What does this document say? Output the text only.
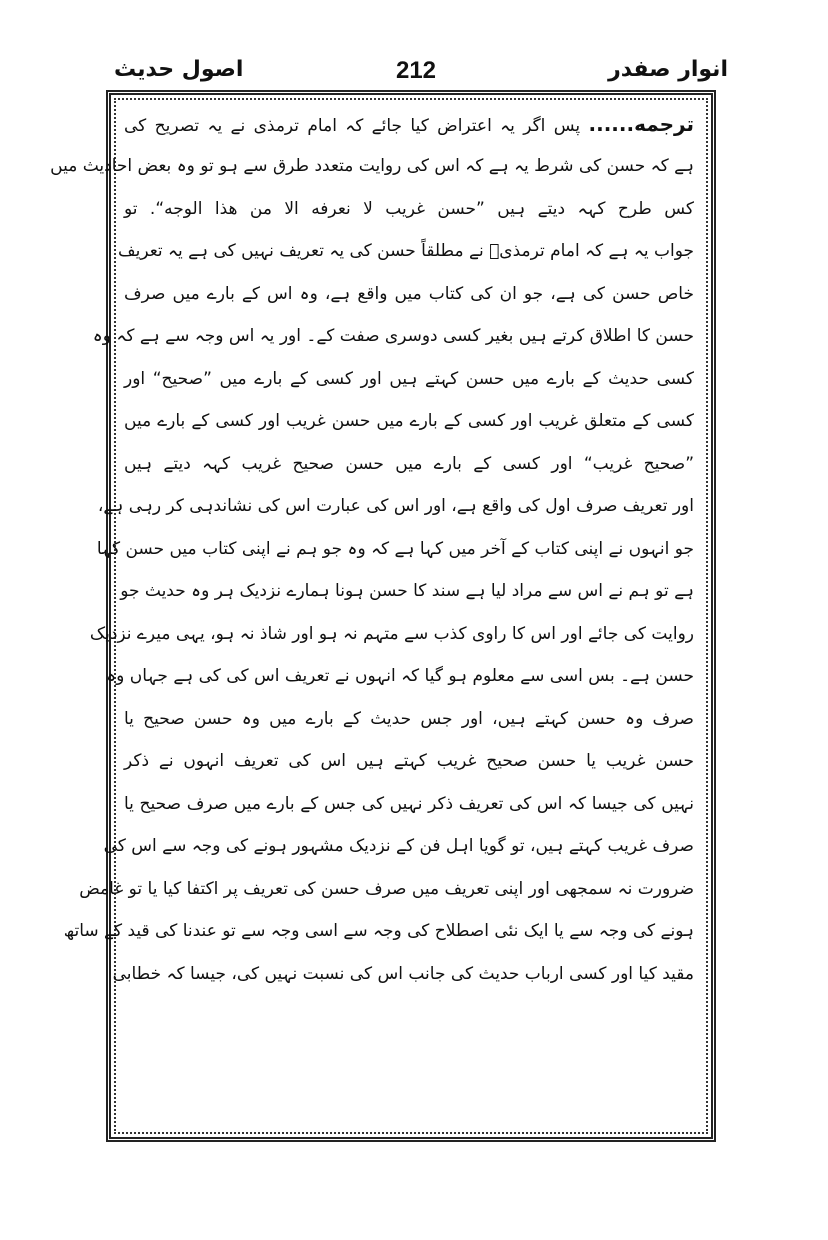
اصول حدیث	212	انوار صفدر
ترجمه...... پس اگر یہ اعتراض کیا جائے کہ امام ترمذی نے یہ تصریح کی
ہے کہ حسن کی شرط یہ ہے کہ اس کی روایت متعدد طرق سے ہو تو وہ بعض احادیث میں
کس طرح کہہ دیتے ہیں ”حسن غریب لا نعرفه الا من هذا الوجه“. تو
جواب یہ ہے کہ امام ترمذیؒ نے مطلقاً حسن کی یہ تعریف نہیں کی ہے یہ تعریف
خاص حسن کی ہے، جو ان کی کتاب میں واقع ہے، وہ اس کے بارے میں صرف
حسن کا اطلاق کرتے ہیں بغیر کسی دوسری صفت کے۔ اور یہ اس وجہ سے ہے کہ وہ
کسی حدیث کے بارے میں حسن کہتے ہیں اور کسی کے بارے میں ”صحیح“ اور
کسی کے متعلق غریب اور کسی کے بارے میں حسن غریب اور کسی کے بارے میں
”صحیح غریب“ اور کسی کے بارے میں حسن صحیح غریب کہہ دیتے ہیں
اور تعریف صرف اول کی واقع ہے، اور اس کی عبارت اس کی نشاندہی کر رہی ہے،
جو انہوں نے اپنی کتاب کے آخر میں کہا ہے کہ وہ جو ہم نے اپنی کتاب میں حسن کہا
ہے تو ہم نے اس سے مراد لیا ہے سند کا حسن ہونا ہمارے نزدیک ہر وہ حدیث جو
روایت کی جائے اور اس کا راوی کذب سے متہم نہ ہو اور شاذ نہ ہو، یہی میرے نزدیک
حسن ہے۔ بس اسی سے معلوم ہو گیا کہ انہوں نے تعریف اس کی کی ہے جہاں وہ
صرف وہ حسن کہتے ہیں، اور جس حدیث کے بارے میں وہ حسن صحیح یا
حسن غریب یا حسن صحیح غریب کہتے ہیں اس کی تعریف انہوں نے ذکر
نہیں کی جیسا کہ اس کی تعریف ذکر نہیں کی جس کے بارے میں صرف صحیح یا
صرف غریب کہتے ہیں، تو گویا اہل فن کے نزدیک مشہور ہونے کی وجہ سے اس کی
ضرورت نہ سمجھی اور اپنی تعریف میں صرف حسن کی تعریف پر اکتفا کیا یا تو غامض
ہونے کی وجہ سے یا ایک نئی اصطلاح کی وجہ سے اسی وجہ سے تو عندنا کی قید کے ساتھ
مقید کیا اور کسی ارباب حدیث کی جانب اس کی نسبت نہیں کی، جیسا کہ خطابی
